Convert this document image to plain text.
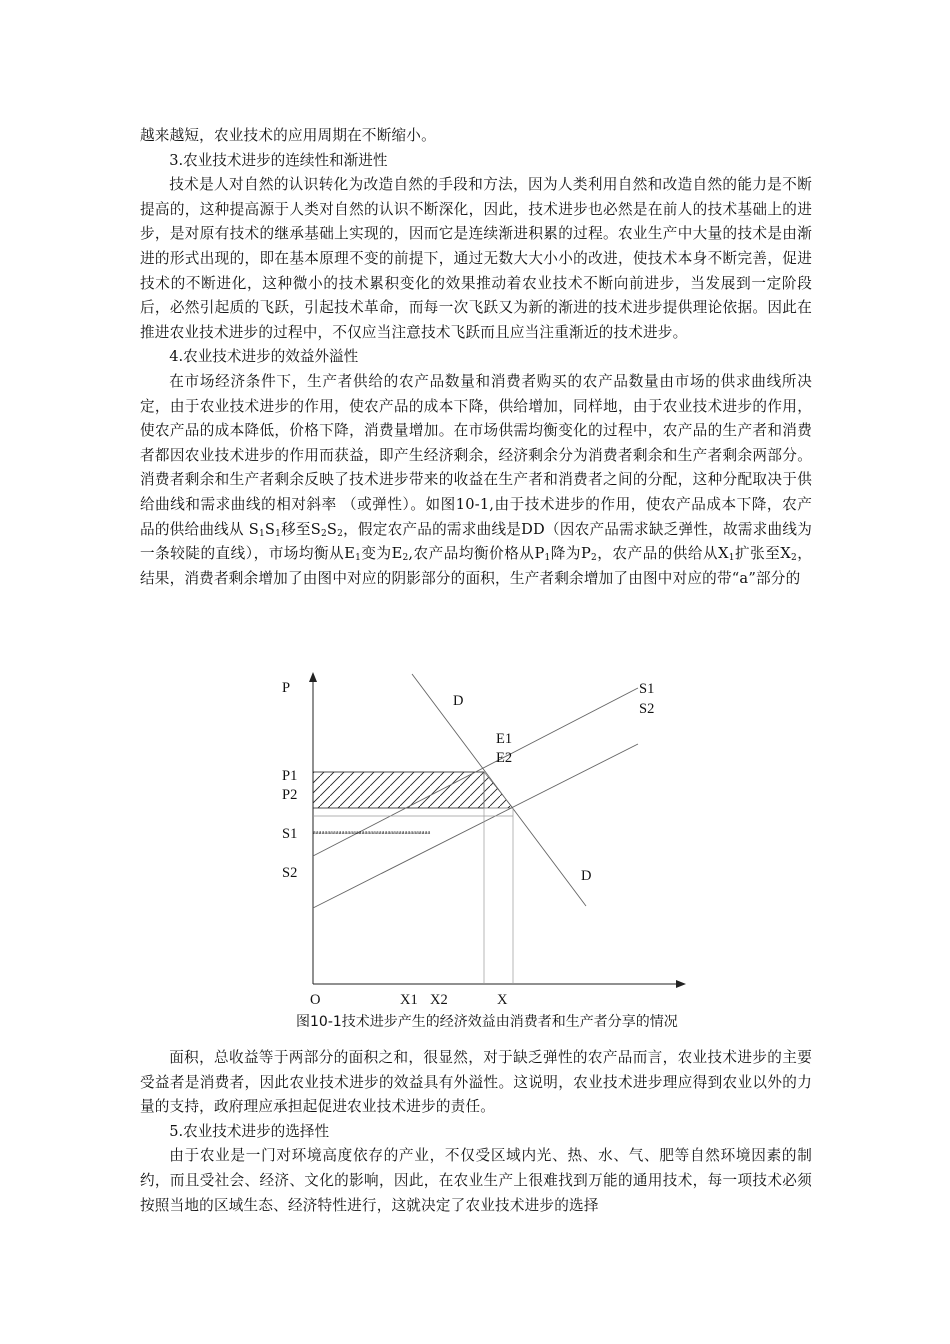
越来越短，农业技术的应用周期在不断缩小。

3.农业技术进步的连续性和渐进性

技术是人对自然的认识转化为改造自然的手段和方法，因为人类利用自然和改造自然的能力是不断提高的，这种提高源于人类对自然的认识不断深化，因此，技术进步也必然是在前人的技术基础上的进步，是对原有技术的继承基础上实现的，因而它是连续渐进积累的过程。农业生产中大量的技术是由渐进的形式出现的，即在基本原理不变的前提下，通过无数大大小小的改进，使技术本身不断完善，促进技术的不断进化，这种微小的技术累积变化的效果推动着农业技术不断向前进步，当发展到一定阶段后，必然引起质的飞跃，引起技术革命，而每一次飞跃又为新的渐进的技术进步提供理论依据。因此在推进农业技术进步的过程中，不仅应当注意技术飞跃而且应当注重渐近的技术进步。

4.农业技术进步的效益外溢性

在市场经济条件下，生产者供给的农产品数量和消费者购买的农产品数量由市场的供求曲线所决定，由于农业技术进步的作用，使农产品的成本下降，供给增加，同样地，由于农业技术进步的作用，使农产品的成本降低，价格下降，消费量增加。在市场供需均衡变化的过程中，农产品的生产者和消费者都因农业技术进步的作用而获益，即产生经济剩余，经济剩余分为消费者剩余和生产者剩余两部分。消费者剩余和生产者剩余反映了技术进步带来的收益在生产者和消费者之间的分配，这种分配取决于供给曲线和需求曲线的相对斜率 （或弹性）。如图10-1,由于技术进步的作用，使农产品成本下降，农产品的供给曲线从 $S_1S_1$移至$S_2S_2$，假定农产品的需求曲线是DD（因农产品需求缺乏弹性，故需求曲线为一条较陡的直线），市场均衡从$E_1$变为$E_2$,农产品均衡价格从$P_1$降为$P_2$，农产品的供给从$X_1$扩张至$X_2$，结果，消费者剩余增加了由图中对应的阴影部分的面积，生产者剩余增加了由图中对应的带“a”部分的

aaaaaaaaaaaaaaaaaaaaaaaaaaaaaaaaaaaaaaaaa
P
D
S1
S2
E1
E2
P1
P2
S1
S2	D
O	X1 X2	X
图10-1技术进步产生的经济效益由消费者和生产者分享的情况

面积，总收益等于两部分的面积之和，很显然，对于缺乏弹性的农产品而言，农业技术进步的主要受益者是消费者，因此农业技术进步的效益具有外溢性。这说明，农业技术进步理应得到农业以外的力量的支持，政府理应承担起促进农业技术进步的责任。

5.农业技术进步的选择性

由于农业是一门对环境高度依存的产业，不仅受区域内光、热、水、气、肥等自然环境因素的制约，而且受社会、经济、文化的影响，因此，在农业生产上很难找到万能的通用技术，每一项技术必须按照当地的区域生态、经济特性进行，这就决定了农业技术进步的选择
